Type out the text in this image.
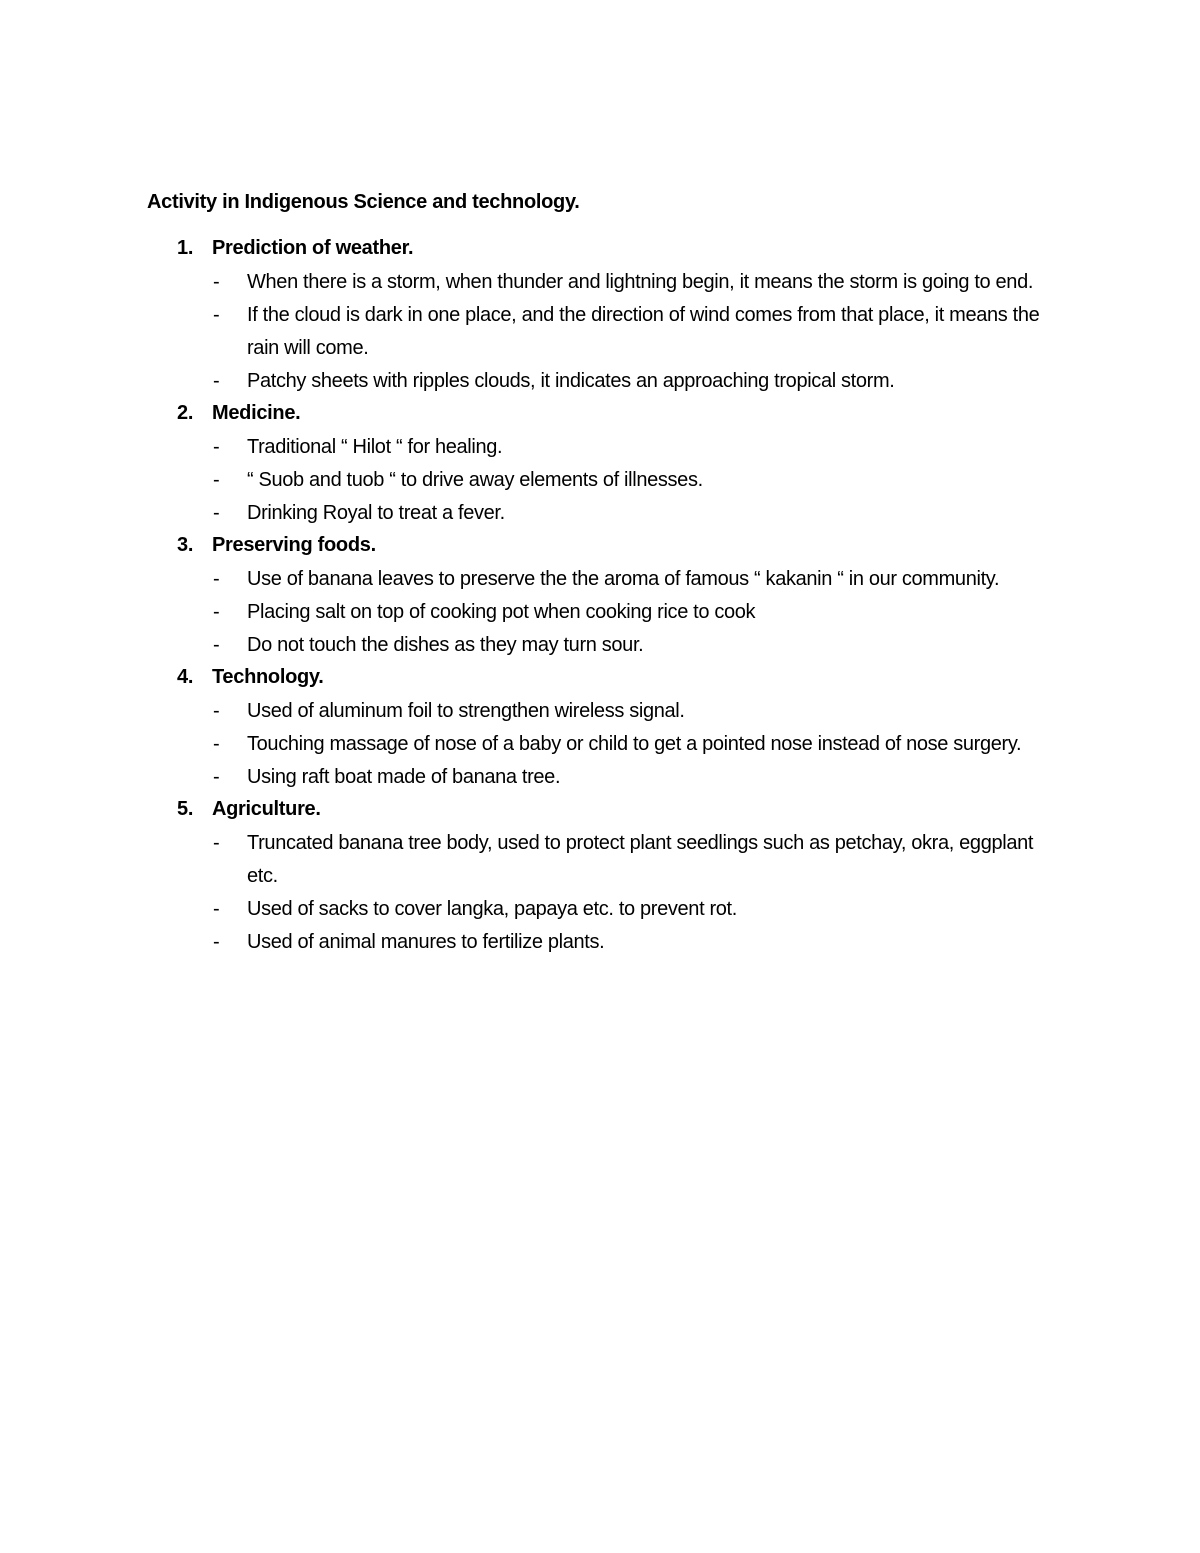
Activity in Indigenous Science and technology.
1. Prediction of weather.
- When there is a storm, when thunder and lightning begin, it means the storm is going to end.
- If the cloud is dark in one place, and the direction of wind comes from that place, it means the rain will come.
- Patchy sheets with ripples clouds, it indicates an approaching tropical storm.
2. Medicine.
- Traditional “ Hilot “ for healing.
- “ Suob and tuob “ to drive away elements of illnesses.
- Drinking Royal to treat a fever.
3. Preserving foods.
- Use of banana leaves to preserve the the aroma of famous “ kakanin “ in our community.
- Placing salt on top of cooking pot when cooking rice to cook
- Do not touch the dishes as they may turn sour.
4. Technology.
- Used of aluminum foil to strengthen wireless signal.
- Touching massage of nose of a baby or child to get a pointed nose instead of nose surgery.
- Using raft boat made of banana tree.
5. Agriculture.
- Truncated banana tree body, used to protect plant seedlings such as petchay, okra, eggplant etc.
- Used of sacks to cover langka, papaya etc. to prevent rot.
- Used of animal manures to fertilize plants.
